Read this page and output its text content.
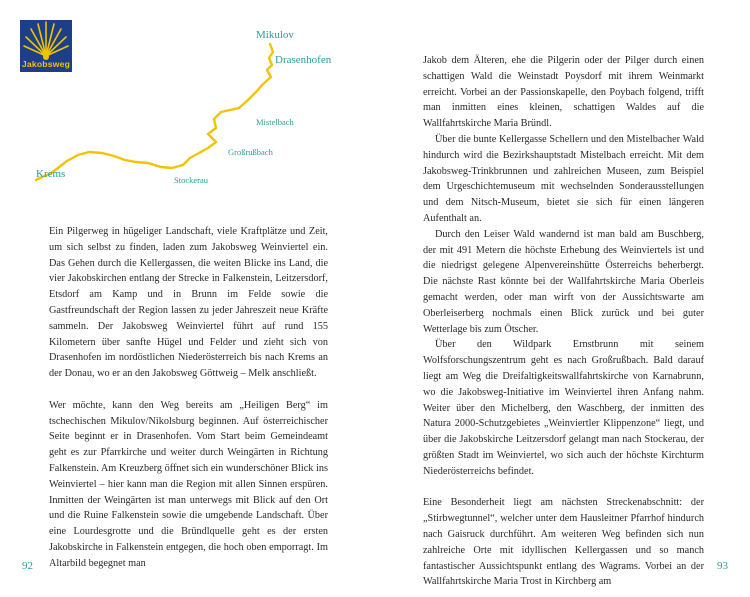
Jakobsweg
Mikulov
Drasenhofen
Mistelbach
Großrußbach
Stockerau
Krems

Ein Pilgerweg in hügeliger Landschaft, viele Kraftplätze und Zeit, um sich selbst zu finden, laden zum Jakobsweg Weinviertel ein. Das Gehen durch die Kellergassen, die weiten Blicke ins Land, die vier Jakobskirchen entlang der Strecke in Falkenstein, Leitzersdorf, Etsdorf am Kamp und in Brunn im Felde sowie die Gastfreundschaft der Region lassen zu jeder Jahreszeit neue Kräfte sammeln. Der Jakobsweg Weinviertel führt auf rund 155 Kilometern über sanfte Hügel und Felder und zieht sich von Drasenhofen im nordöstlichen Niederösterreich bis nach Krems an der Donau, wo er an den Jakobsweg Göttweig – Melk anschließt.

Wer möchte, kann den Weg bereits am „Heiligen Berg“ im tschechischen Mikulov/Nikolsburg beginnen. Auf österreichischer Seite beginnt er in Drasenhofen. Vom Start beim Gemeindeamt geht es zur Pfarrkirche und weiter durch Weingärten in Richtung Falkenstein. Am Kreuzberg öffnet sich ein wunderschöner Blick ins Weinviertel – hier kann man die Region mit allen Sinnen erspüren. Inmitten der Weingärten ist man unterwegs mit Blick auf den Ort und die Ruine Falkenstein sowie die umgebende Landschaft. Über eine Lourdesgrotte und die Bründlquelle geht es der ersten Jakobskirche in Falkenstein entgegen, die hoch oben emporragt. Im Altarbild begegnet man

92

Jakob dem Älteren, ehe die Pilgerin oder der Pilger durch einen schattigen Wald die Weinstadt Poysdorf mit ihrem Weinmarkt erreicht. Vorbei an der Passionskapelle, den Poybach folgend, trifft man inmitten eines kleinen, schattigen Waldes auf die Wallfahrtskirche Maria Bründl.

Über die bunte Kellergasse Schellern und den Mistelbacher Wald hindurch wird die Bezirkshauptstadt Mistelbach erreicht. Mit dem Jakobsweg-Trinkbrunnen und zahlreichen Museen, zum Beispiel dem Urgeschichtemuseum mit wechselnden Sonderausstellungen und dem Nitsch-Museum, bietet sie sich für einen längeren Aufenthalt an.

Durch den Leiser Wald wandernd ist man bald am Buschberg, der mit 491 Metern die höchste Erhebung des Weinviertels ist und die niedrigst gelegene Alpenvereinshütte Österreichs beherbergt. Die nächste Rast könnte bei der Wallfahrtskirche Maria Oberleis gemacht werden, oder man wirft von der Aussichtswarte am Oberleiserberg nochmals einen Blick zurück und bei guter Wetterlage bis zum Ötscher.

Über den Wildpark Ernstbrunn mit seinem Wolfsforschungszentrum geht es nach Großrußbach. Bald darauf liegt am Weg die Dreifaltigkeitswallfahrtskirche von Karnabrunn, wo die Jakobsweg-Initiative im Weinviertel ihren Anfang nahm. Weiter über den Michelberg, den Waschberg, der inmitten des Natura 2000-Schutzgebietes „Weinviertler Klippenzone“ liegt, und über die Jakobskirche Leitzersdorf gelangt man nach Stockerau, der größten Stadt im Weinviertel, wo sich auch der höchste Kirchturm Niederösterreichs befindet.

Eine Besonderheit liegt am nächsten Streckenabschnitt: der „Stirbwegtunnel“, welcher unter dem Hausleitner Pfarrhof hindurch nach Gaisruck durchführt. Am weiteren Weg befinden sich nun zahlreiche Orte mit idyllischen Kellergassen und so manch fantastischer Aussichtspunkt entlang des Wagrams. Vorbei an der Wallfahrtskirche Maria Trost in Kirchberg am

93
